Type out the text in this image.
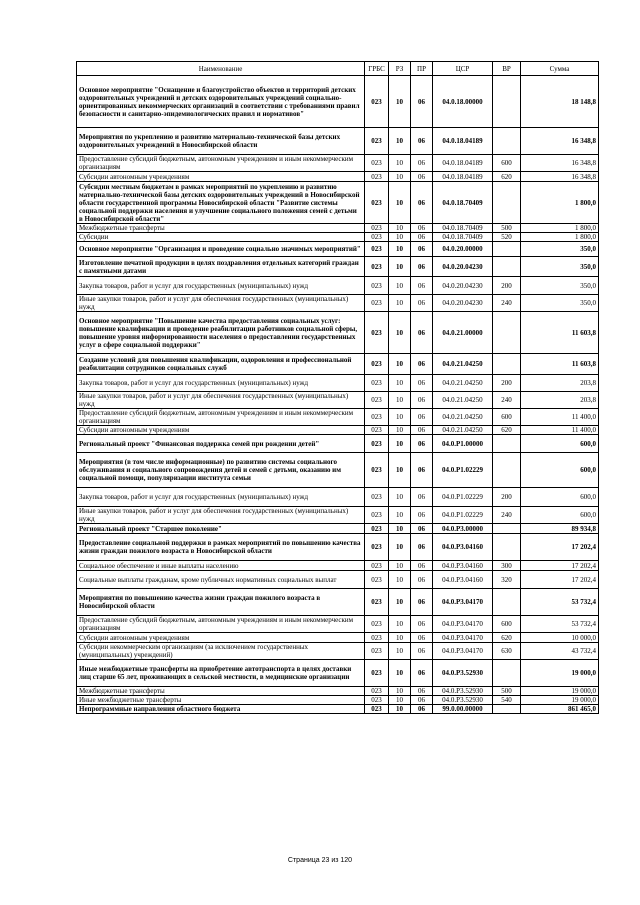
Наименование	ГРБС	РЗ	ПР	ЦСР	ВР	Сумма
Основное мероприятие "Оснащение и благоустройство объектов и территорий детских оздоровительных учреждений и детских оздоровительных учреждений социально-ориентированных некоммерческих организаций в соответствии с требованиями правил безопасности и санитарно-эпидемиологических правил и нормативов"	023	10	06	04.0.18.00000		18 148,8
Мероприятия по укреплению и развитию материально-технической базы детских оздоровительных учреждений в Новосибирской области	023	10	06	04.0.18.04189		16 348,8
Предоставление субсидий бюджетным, автономным учреждениям и иным некоммерческим организациям	023	10	06	04.0.18.04189	600	16 348,8
Субсидии автономным учреждениям	023	10	06	04.0.18.04189	620	16 348,8
Субсидии местным бюджетам в рамках мероприятий по укреплению и развитию материально-технической базы детских оздоровительных учреждений в Новосибирской области государственной программы Новосибирской области "Развитие системы социальной поддержки населения и улучшение социального положения семей с детьми в Новосибирской области"	023	10	06	04.0.18.70409		1 800,0
Межбюджетные трансферты	023	10	06	04.0.18.70409	500	1 800,0
Субсидии	023	10	06	04.0.18.70409	520	1 800,0
Основное мероприятие "Организация и проведение социально значимых мероприятий"	023	10	06	04.0.20.00000		350,0
Изготовление печатной продукции в целях поздравления отдельных категорий граждан с памятными датами	023	10	06	04.0.20.04230		350,0
Закупка товаров, работ и услуг для государственных (муниципальных) нужд	023	10	06	04.0.20.04230	200	350,0
Иные закупки товаров, работ и услуг для обеспечения государственных (муниципальных) нужд	023	10	06	04.0.20.04230	240	350,0
Основное мероприятие "Повышение качества предоставления социальных услуг: повышение квалификации и проведение реабилитации работников социальной сферы, повышение уровня информированности населения о предоставлении государственных услуг в сфере социальной поддержки"	023	10	06	04.0.21.00000		11 603,8
Создание условий для повышения квалификации, оздоровления и профессиональной реабилитации сотрудников социальных служб	023	10	06	04.0.21.04250		11 603,8
Закупка товаров, работ и услуг для государственных (муниципальных) нужд	023	10	06	04.0.21.04250	200	203,8
Иные закупки товаров, работ и услуг для обеспечения государственных (муниципальных) нужд	023	10	06	04.0.21.04250	240	203,8
Предоставление субсидий бюджетным, автономным учреждениям и иным некоммерческим организациям	023	10	06	04.0.21.04250	600	11 400,0
Субсидии автономным учреждениям	023	10	06	04.0.21.04250	620	11 400,0
Региональный проект "Финансовая поддержка семей при рождении детей"	023	10	06	04.0.P1.00000		600,0
Мероприятия (в том числе информационные) по развитию системы социального обслуживания и социального сопровождения детей и семей с детьми, оказанию им социальной помощи, популяризации института семьи	023	10	06	04.0.P1.02229		600,0
Закупка товаров, работ и услуг для государственных (муниципальных) нужд	023	10	06	04.0.P1.02229	200	600,0
Иные закупки товаров, работ и услуг для обеспечения государственных (муниципальных) нужд	023	10	06	04.0.P1.02229	240	600,0
Региональный проект "Старшее поколение"	023	10	06	04.0.P3.00000		89 934,8
Предоставление социальной поддержки в рамках мероприятий по повышению качества жизни граждан пожилого возраста в Новосибирской области	023	10	06	04.0.P3.04160		17 202,4
Социальное обеспечение и иные выплаты населению	023	10	06	04.0.P3.04160	300	17 202,4
Социальные выплаты гражданам, кроме публичных нормативных социальных выплат	023	10	06	04.0.P3.04160	320	17 202,4
Мероприятия по повышению качества жизни граждан пожилого возраста в Новосибирской области	023	10	06	04.0.P3.04170		53 732,4
Предоставление субсидий бюджетным, автономным учреждениям и иным некоммерческим организациям	023	10	06	04.0.P3.04170	600	53 732,4
Субсидии автономным учреждениям	023	10	06	04.0.P3.04170	620	10 000,0
Субсидии некоммерческим организациям (за исключением государственных (муниципальных) учреждений)	023	10	06	04.0.P3.04170	630	43 732,4
Иные межбюджетные трансферты на приобретение автотранспорта в целях доставки лиц старше 65 лет, проживающих в сельской местности, в медицинские организации	023	10	06	04.0.P3.52930		19 000,0
Межбюджетные трансферты	023	10	06	04.0.P3.52930	500	19 000,0
Иные межбюджетные трансферты	023	10	06	04.0.P3.52930	540	19 000,0
Непрограммные направления областного бюджета	023	10	06	99.0.00.00000		861 465,0
Страница 23 из 120
